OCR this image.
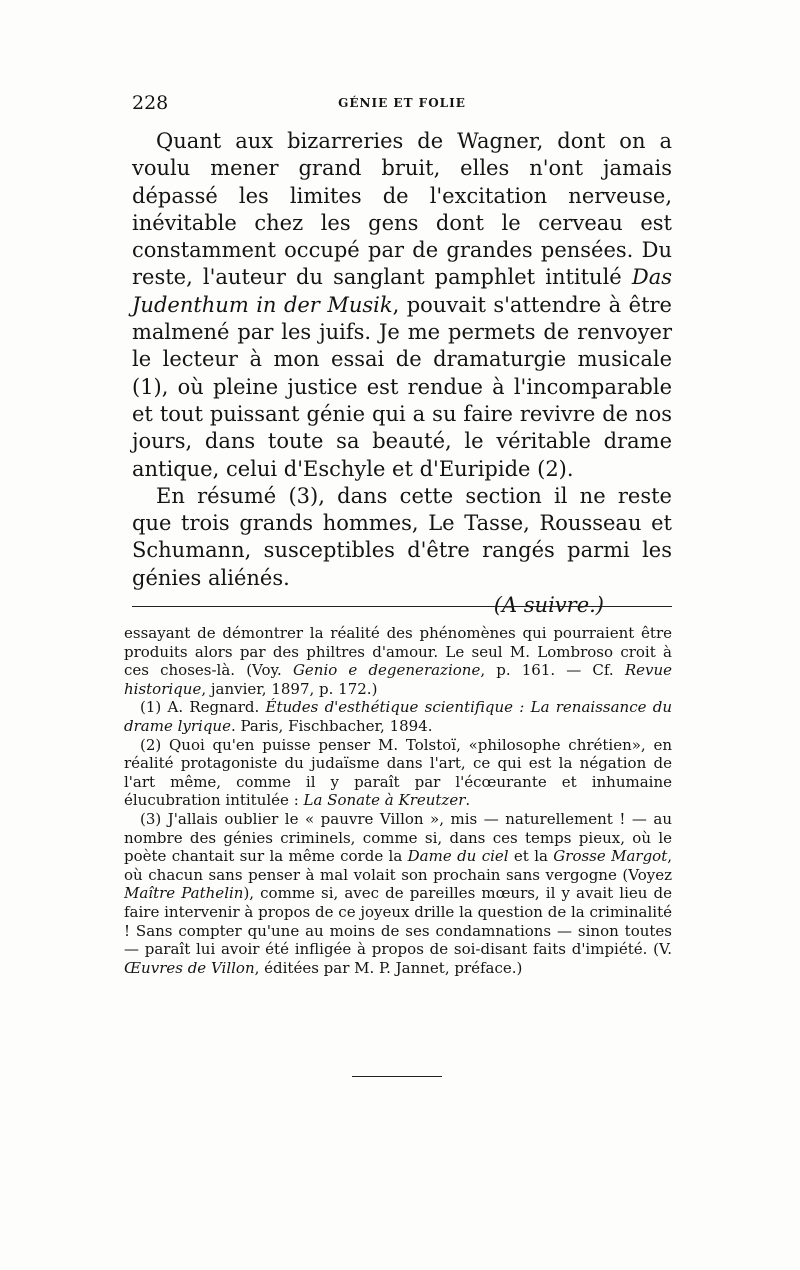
228	GÉNIE ET FOLIE

Quant aux bizarreries de Wagner, dont on a voulu mener grand bruit, elles n'ont jamais dépassé les limites de l'excitation nerveuse, inévitable chez les gens dont le cerveau est constamment occupé par de grandes pensées. Du reste, l'auteur du sanglant pamphlet intitulé Das Judenthum in der Musik, pouvait s'attendre à être malmené par les juifs. Je me permets de renvoyer le lecteur à mon essai de dramaturgie musicale (1), où pleine justice est rendue à l'incomparable et tout puissant génie qui a su faire revivre de nos jours, dans toute sa beauté, le véritable drame antique, celui d'Eschyle et d'Euripide (2).

En résumé (3), dans cette section il ne reste que trois grands hommes, Le Tasse, Rousseau et Schumann, susceptibles d'être rangés parmi les génies aliénés.

(A suivre.)

essayant de démontrer la réalité des phénomènes qui pourraient être produits alors par des philtres d'amour. Le seul M. Lombroso croit à ces choses-là. (Voy. Genio e degenerazione, p. 161. — Cf. Revue historique, janvier, 1897, p. 172.)

(1) A. Regnard. Études d'esthétique scientifique : La renaissance du drame lyrique. Paris, Fischbacher, 1894.

(2) Quoi qu'en puisse penser M. Tolstoï, «philosophe chrétien», en réalité protagoniste du judaïsme dans l'art, ce qui est la négation de l'art même, comme il y paraît par l'écœurante et inhumaine élucubration intitulée : La Sonate à Kreutzer.

(3) J'allais oublier le « pauvre Villon », mis — naturellement ! — au nombre des génies criminels, comme si, dans ces temps pieux, où le poète chantait sur la même corde la Dame du ciel et la Grosse Margot, où chacun sans penser à mal volait son prochain sans vergogne (Voyez Maître Pathelin), comme si, avec de pareilles mœurs, il y avait lieu de faire intervenir à propos de ce joyeux drille la question de la criminalité ! Sans compter qu'une au moins de ses condamnations — sinon toutes — paraît lui avoir été infligée à propos de soi-disant faits d'impiété. (V. Œuvres de Villon, éditées par M. P. Jannet, préface.)
